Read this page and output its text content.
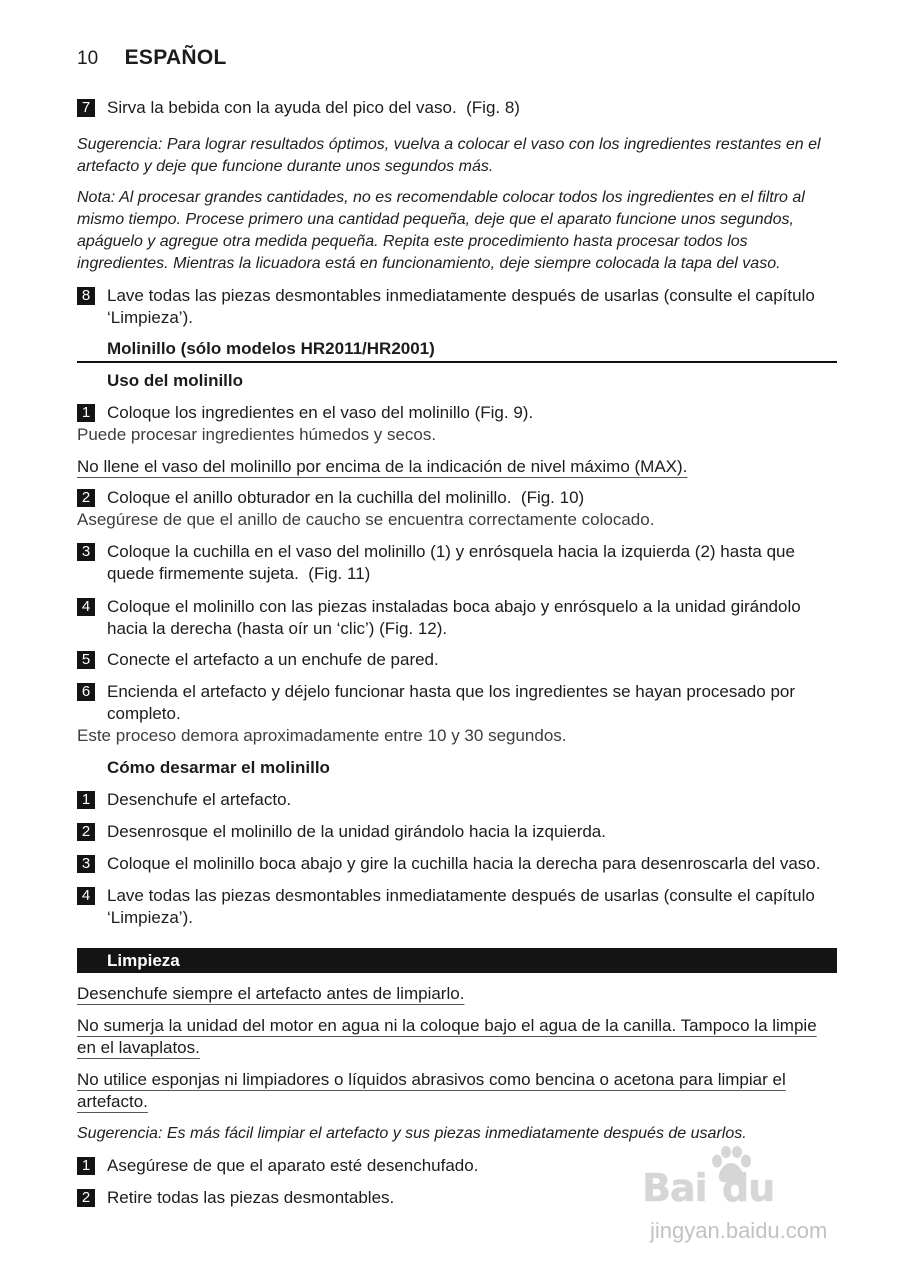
10 ESPAÑOL
7 Sirva la bebida con la ayuda del pico del vaso.  (Fig. 8)
Sugerencia: Para lograr resultados óptimos, vuelva a colocar el vaso con los ingredientes restantes en el artefacto y deje que funcione durante unos segundos más.
Nota: Al procesar grandes cantidades, no es recomendable colocar todos los ingredientes en el filtro al mismo tiempo. Procese primero una cantidad pequeña, deje que el aparato funcione unos segundos, apáguelo y agregue otra medida pequeña. Repita este procedimiento hasta procesar todos los ingredientes. Mientras la licuadora está en funcionamiento, deje siempre colocada la tapa del vaso.
8 Lave todas las piezas desmontables inmediatamente después de usarlas (consulte el capítulo ‘Limpieza’).
Molinillo (sólo modelos HR2011/HR2001)
Uso del molinillo
1 Coloque los ingredientes en el vaso del molinillo (Fig. 9).
Puede procesar ingredientes húmedos y secos.
No llene el vaso del molinillo por encima de la indicación de nivel máximo (MAX).
2 Coloque el anillo obturador en la cuchilla del molinillo.  (Fig. 10)
Asegúrese de que el anillo de caucho se encuentra correctamente colocado.
3 Coloque la cuchilla en el vaso del molinillo (1) y enrósquela hacia la izquierda (2) hasta que quede firmemente sujeta.  (Fig. 11)
4 Coloque el molinillo con las piezas instaladas boca abajo y enrósquelo a la unidad girándolo hacia la derecha (hasta oír un ‘clic’) (Fig. 12).
5 Conecte el artefacto a un enchufe de pared.
6 Encienda el artefacto y déjelo funcionar hasta que los ingredientes se hayan procesado por completo.
Este proceso demora aproximadamente entre 10 y 30 segundos.
Cómo desarmar el molinillo
1 Desenchufe el artefacto.
2 Desenrosque el molinillo de la unidad girándolo hacia la izquierda.
3 Coloque el molinillo boca abajo y gire la cuchilla hacia la derecha para desenroscarla del vaso.
4 Lave todas las piezas desmontables inmediatamente después de usarlas (consulte el capítulo ‘Limpieza’).
Limpieza
Desenchufe siempre el artefacto antes de limpiarlo.
No sumerja la unidad del motor en agua ni la coloque bajo el agua de la canilla. Tampoco la limpie en el lavaplatos.
No utilice esponjas ni limpiadores o líquidos abrasivos como bencina o acetona para limpiar el artefacto.
Sugerencia: Es más fácil limpiar el artefacto y sus piezas inmediatamente después de usarlos.
1 Asegúrese de que el aparato esté desenchufado.
2 Retire todas las piezas desmontables.	Bai du
jingyan.baidu.com
